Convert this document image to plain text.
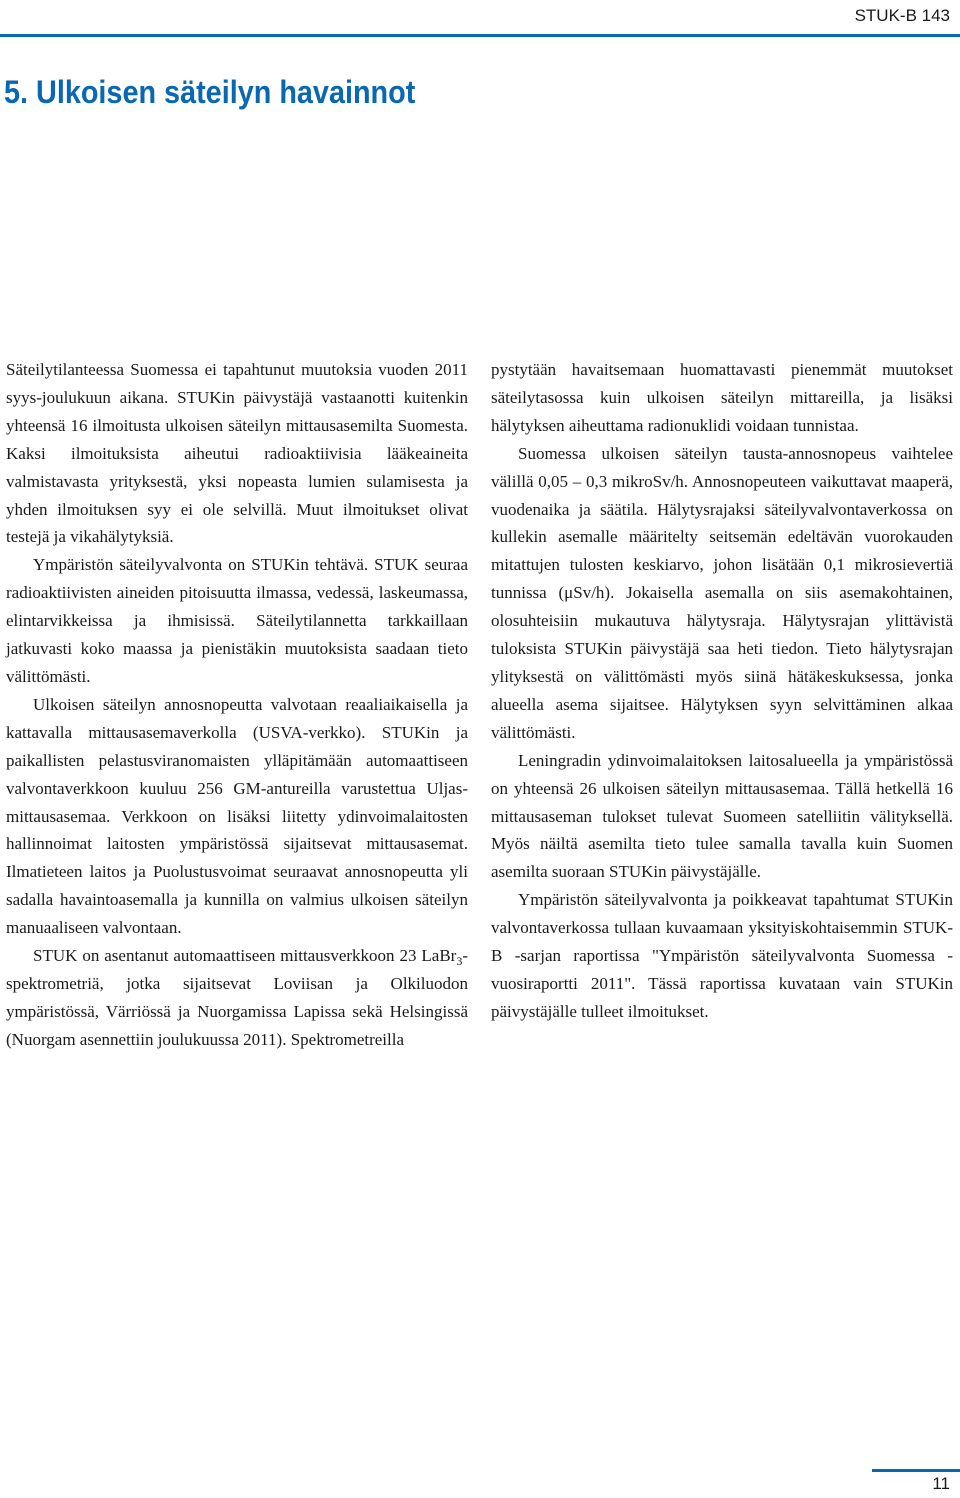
STUK-B 143
5. Ulkoisen säteilyn havainnot

Säteilytilanteessa Suomessa ei tapahtunut muutoksia vuoden 2011 syys-joulukuun aikana. STUKin päivystäjä vastaanotti kuitenkin yhteensä 16 ilmoitusta ulkoisen säteilyn mittausasemilta Suomesta. Kaksi ilmoituksista aiheutui radioaktiivisia lääkeaineita valmistavasta yrityksestä, yksi nopeasta lumien sulamisesta ja yhden ilmoituksen syy ei ole selvillä. Muut ilmoitukset olivat testejä ja vikahälytyksiä.

Ympäristön säteilyvalvonta on STUKin tehtävä. STUK seuraa radioaktiivisten aineiden pitoisuutta ilmassa, vedessä, laskeumassa, elintarvikkeissa ja ihmisissä. Säteilytilannetta tarkkaillaan jatkuvasti koko maassa ja pienistäkin muutoksista saadaan tieto välittömästi.

Ulkoisen säteilyn annosnopeutta valvotaan reaaliaikaisella ja kattavalla mittausasemaverkolla (USVA-verkko). STUKin ja paikallisten pelastusviranomaisten ylläpitämään automaattiseen valvontaverkkoon kuuluu 256 GM-antureilla varustettua Uljas-mittausasemaa. Verkkoon on lisäksi liitetty ydinvoimalaitosten hallinnoimat laitosten ympäristössä sijaitsevat mittausasemat. Ilmatieteen laitos ja Puolustusvoimat seuraavat annosnopeutta yli sadalla havaintoasemalla ja kunnilla on valmius ulkoisen säteilyn manuaaliseen valvontaan.

STUK on asentanut automaattiseen mittausverkkoon 23 LaBr$_3$-spektrometriä, jotka sijaitsevat Loviisan ja Olkiluodon ympäristössä, Värriössä ja Nuorgamissa Lapissa sekä Helsingissä (Nuorgam asennettiin joulukuussa 2011). Spektrometreilla

pystytään havaitsemaan huomattavasti pienemmät muutokset säteilytasossa kuin ulkoisen säteilyn mittareilla, ja lisäksi hälytyksen aiheuttama radionuklidi voidaan tunnistaa.

Suomessa ulkoisen säteilyn tausta-annosnopeus vaihtelee välillä 0,05 – 0,3 mikroSv/h. Annosnopeuteen vaikuttavat maaperä, vuodenaika ja säätila. Hälytysrajaksi säteilyvalvontaverkossa on kullekin asemalle määritelty seitsemän edeltävän vuorokauden mitattujen tulosten keskiarvo, johon lisätään 0,1 mikrosievertiä tunnissa (μSv/h). Jokaisella asemalla on siis asemakohtainen, olosuhteisiin mukautuva hälytysraja. Hälytysrajan ylittävistä tuloksista STUKin päivystäjä saa heti tiedon. Tieto hälytysrajan ylityksestä on välittömästi myös siinä hätäkeskuksessa, jonka alueella asema sijaitsee. Hälytyksen syyn selvittäminen alkaa välittömästi.

Leningradin ydinvoimalaitoksen laitosalueella ja ympäristössä on yhteensä 26 ulkoisen säteilyn mittausasemaa. Tällä hetkellä 16 mittausaseman tulokset tulevat Suomeen satelliitin välityksellä. Myös näiltä asemilta tieto tulee samalla tavalla kuin Suomen asemilta suoraan STUKin päivystäjälle.

Ympäristön säteilyvalvonta ja poikkeavat tapahtumat STUKin valvontaverkossa tullaan kuvaamaan yksityiskohtaisemmin STUK-B -sarjan raportissa "Ympäristön säteilyvalvonta Suomessa - vuosiraportti 2011". Tässä raportissa kuvataan vain STUKin päivystäjälle tulleet ilmoitukset.

11
